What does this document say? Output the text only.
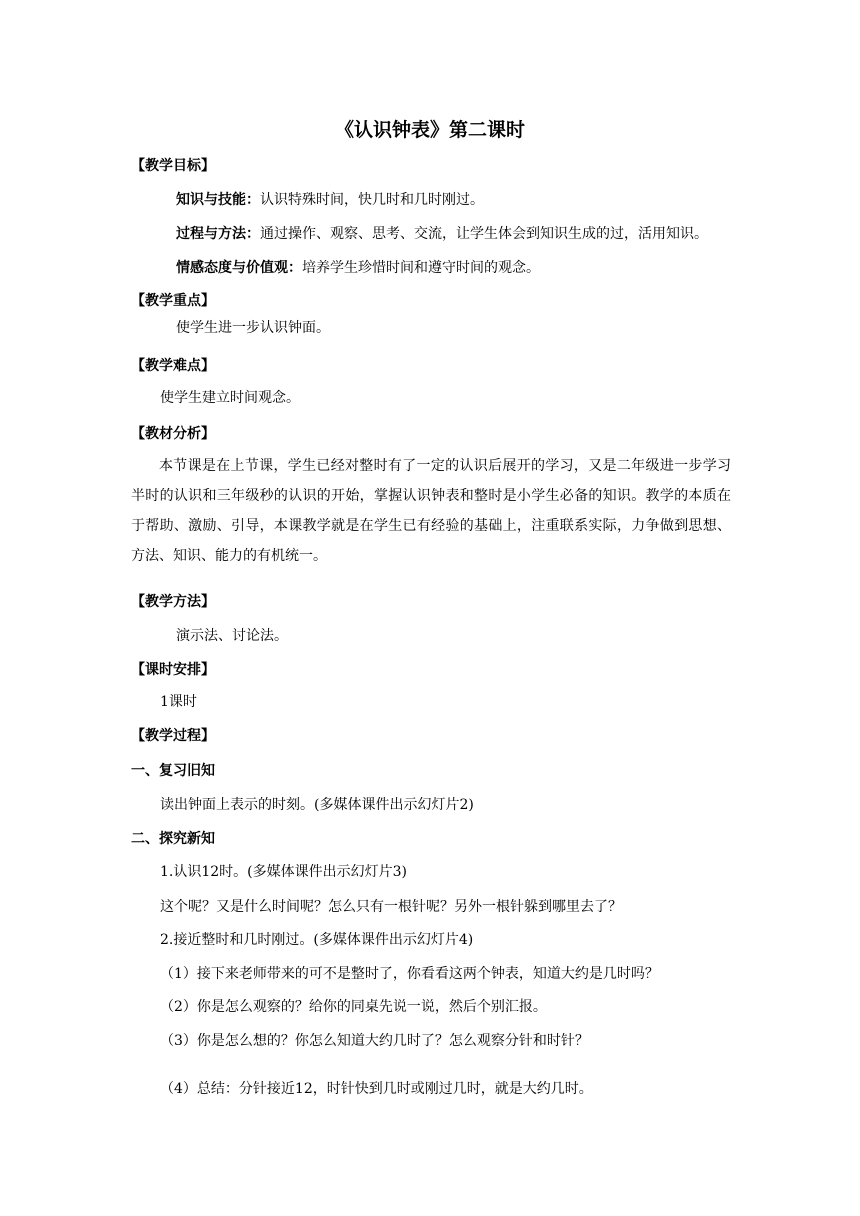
《认识钟表》第二课时
【教学目标】
知识与技能：认识特殊时间，快几时和几时刚过。
过程与方法：通过操作、观察、思考、交流，让学生体会到知识生成的过，活用知识。
情感态度与价值观：培养学生珍惜时间和遵守时间的观念。
【教学重点】
使学生进一步认识钟面。
【教学难点】
使学生建立时间观念。
【教材分析】
本节课是在上节课，学生已经对整时有了一定的认识后展开的学习，又是二年级进一步学习半时的认识和三年级秒的认识的开始，掌握认识钟表和整时是小学生必备的知识。教学的本质在于帮助、激励、引导，本课教学就是在学生已有经验的基础上，注重联系实际，力争做到思想、方法、知识、能力的有机统一。
【教学方法】
演示法、讨论法。
【课时安排】
1课时
【教学过程】
一、复习旧知
读出钟面上表示的时刻。(多媒体课件出示幻灯片2)
二、探究新知
1.认识12时。(多媒体课件出示幻灯片3)
这个呢？又是什么时间呢？怎么只有一根针呢？另外一根针躲到哪里去了？
2.接近整时和几时刚过。(多媒体课件出示幻灯片4)
（1）接下来老师带来的可不是整时了，你看看这两个钟表，知道大约是几时吗？
（2）你是怎么观察的？给你的同桌先说一说，然后个别汇报。
（3）你是怎么想的？你怎么知道大约几时了？怎么观察分针和时针？
（4）总结：分针接近12，时针快到几时或刚过几时，就是大约几时。
